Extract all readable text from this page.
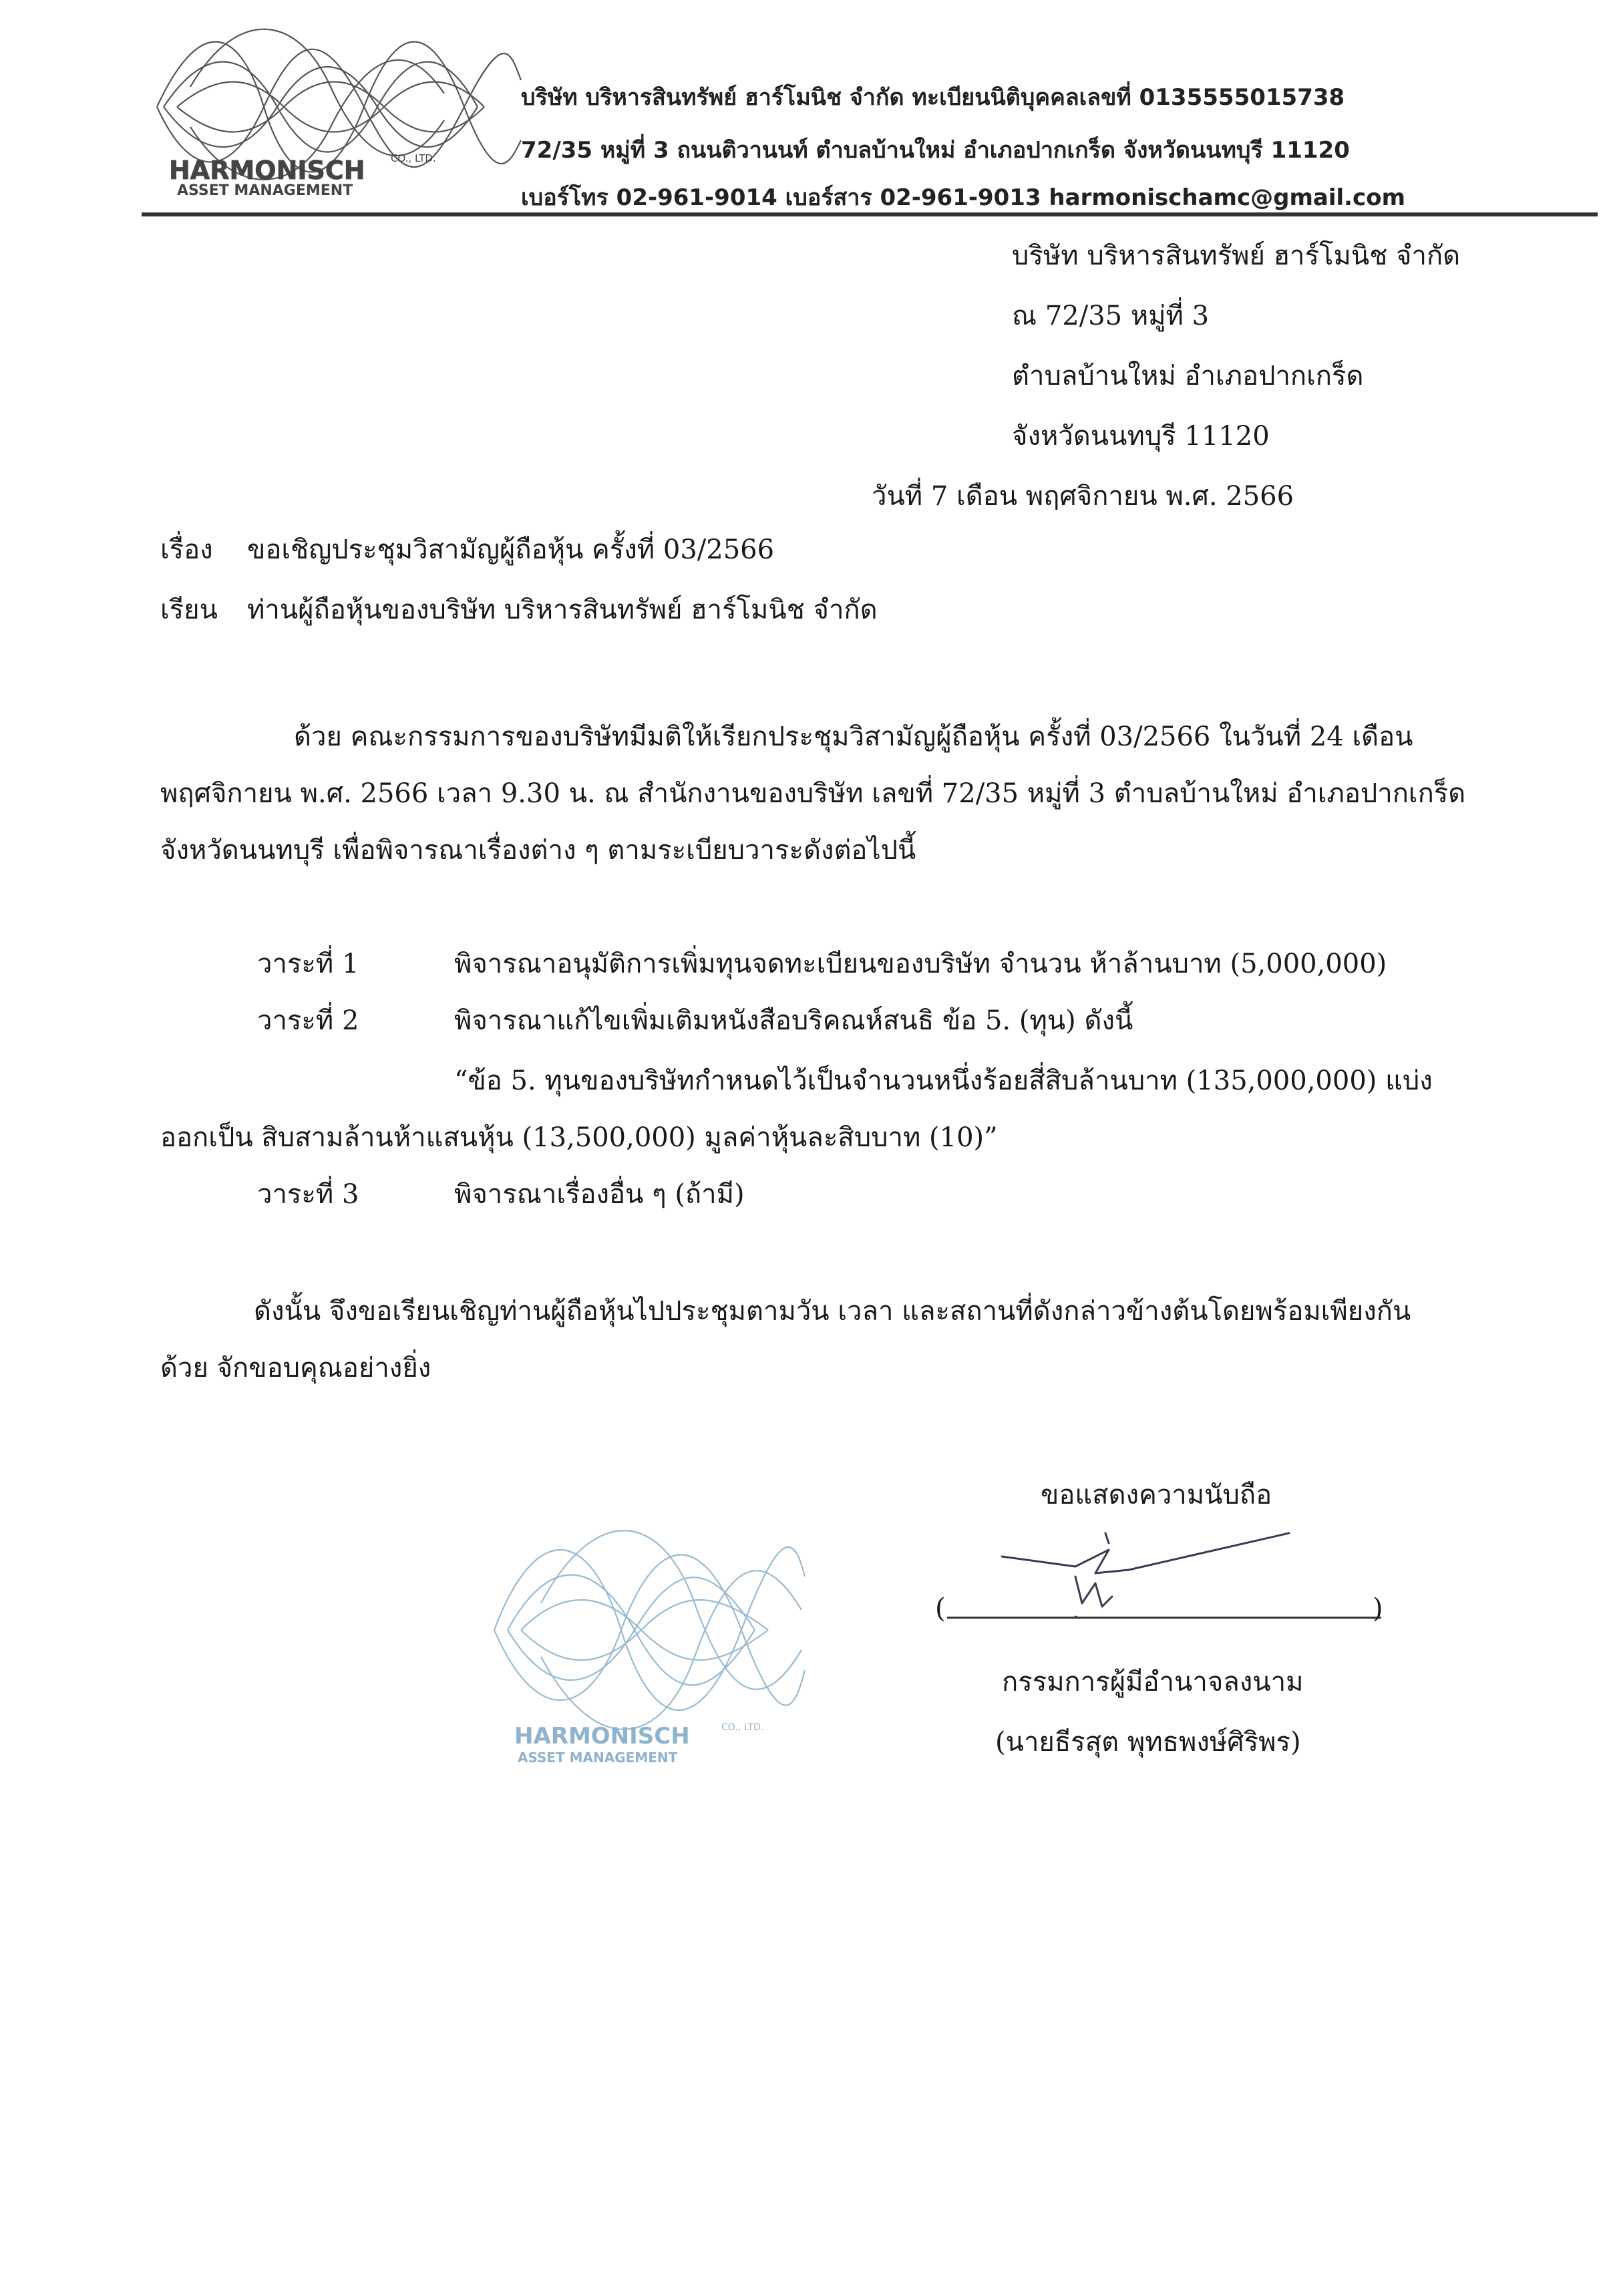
HARMONISCH	CO., LTD.
ASSET MANAGEMENT
บริษัท บริหารสินทรัพย์ ฮาร์โมนิช จำกัด ทะเบียนนิติบุคคลเลขที่ 0135555015738
72/35 หมู่ที่ 3 ถนนติวานนท์ ตำบลบ้านใหม่ อำเภอปากเกร็ด จังหวัดนนทบุรี 11120
เบอร์โทร 02-961-9014 เบอร์สาร 02-961-9013 harmonischamc@gmail.com
บริษัท บริหารสินทรัพย์ ฮาร์โมนิช จำกัด
ณ 72/35 หมู่ที่ 3
ตำบลบ้านใหม่ อำเภอปากเกร็ด
จังหวัดนนทบุรี 11120
วันที่ 7 เดือน พฤศจิกายน พ.ศ. 2566
เรื่อง ขอเชิญประชุมวิสามัญผู้ถือหุ้น ครั้งที่ 03/2566
เรียน ท่านผู้ถือหุ้นของบริษัท บริหารสินทรัพย์ ฮาร์โมนิช จำกัด
ด้วย คณะกรรมการของบริษัทมีมติให้เรียกประชุมวิสามัญผู้ถือหุ้น ครั้งที่ 03/2566 ในวันที่ 24 เดือน
พฤศจิกายน พ.ศ. 2566 เวลา 9.30 น. ณ สำนักงานของบริษัท เลขที่ 72/35 หมู่ที่ 3 ตำบลบ้านใหม่ อำเภอปากเกร็ด
จังหวัดนนทบุรี เพื่อพิจารณาเรื่องต่าง ๆ ตามระเบียบวาระดังต่อไปนี้
วาระที่ 1	พิจารณาอนุมัติการเพิ่มทุนจดทะเบียนของบริษัท จำนวน ห้าล้านบาท (5,000,000)
วาระที่ 2	พิจารณาแก้ไขเพิ่มเติมหนังสือบริคณห์สนธิ ข้อ 5. (ทุน) ดังนี้
“ข้อ 5. ทุนของบริษัทกำหนดไว้เป็นจำนวนหนึ่งร้อยสี่สิบล้านบาท (135,000,000) แบ่ง
ออกเป็น สิบสามล้านห้าแสนหุ้น (13,500,000) มูลค่าหุ้นละสิบบาท (10)”
วาระที่ 3	พิจารณาเรื่องอื่น ๆ (ถ้ามี)
ดังนั้น จึงขอเรียนเชิญท่านผู้ถือหุ้นไปประชุมตามวัน เวลา และสถานที่ดังกล่าวข้างต้นโดยพร้อมเพียงกัน
ด้วย จักขอบคุณอย่างยิ่ง
ขอแสดงความนับถือ
(	)
กรรมการผู้มีอำนาจลงนาม
(นายธีรสุต พุทธพงษ์ศิริพร)
HARMONISCH	CO., LTD.
ASSET MANAGEMENT
